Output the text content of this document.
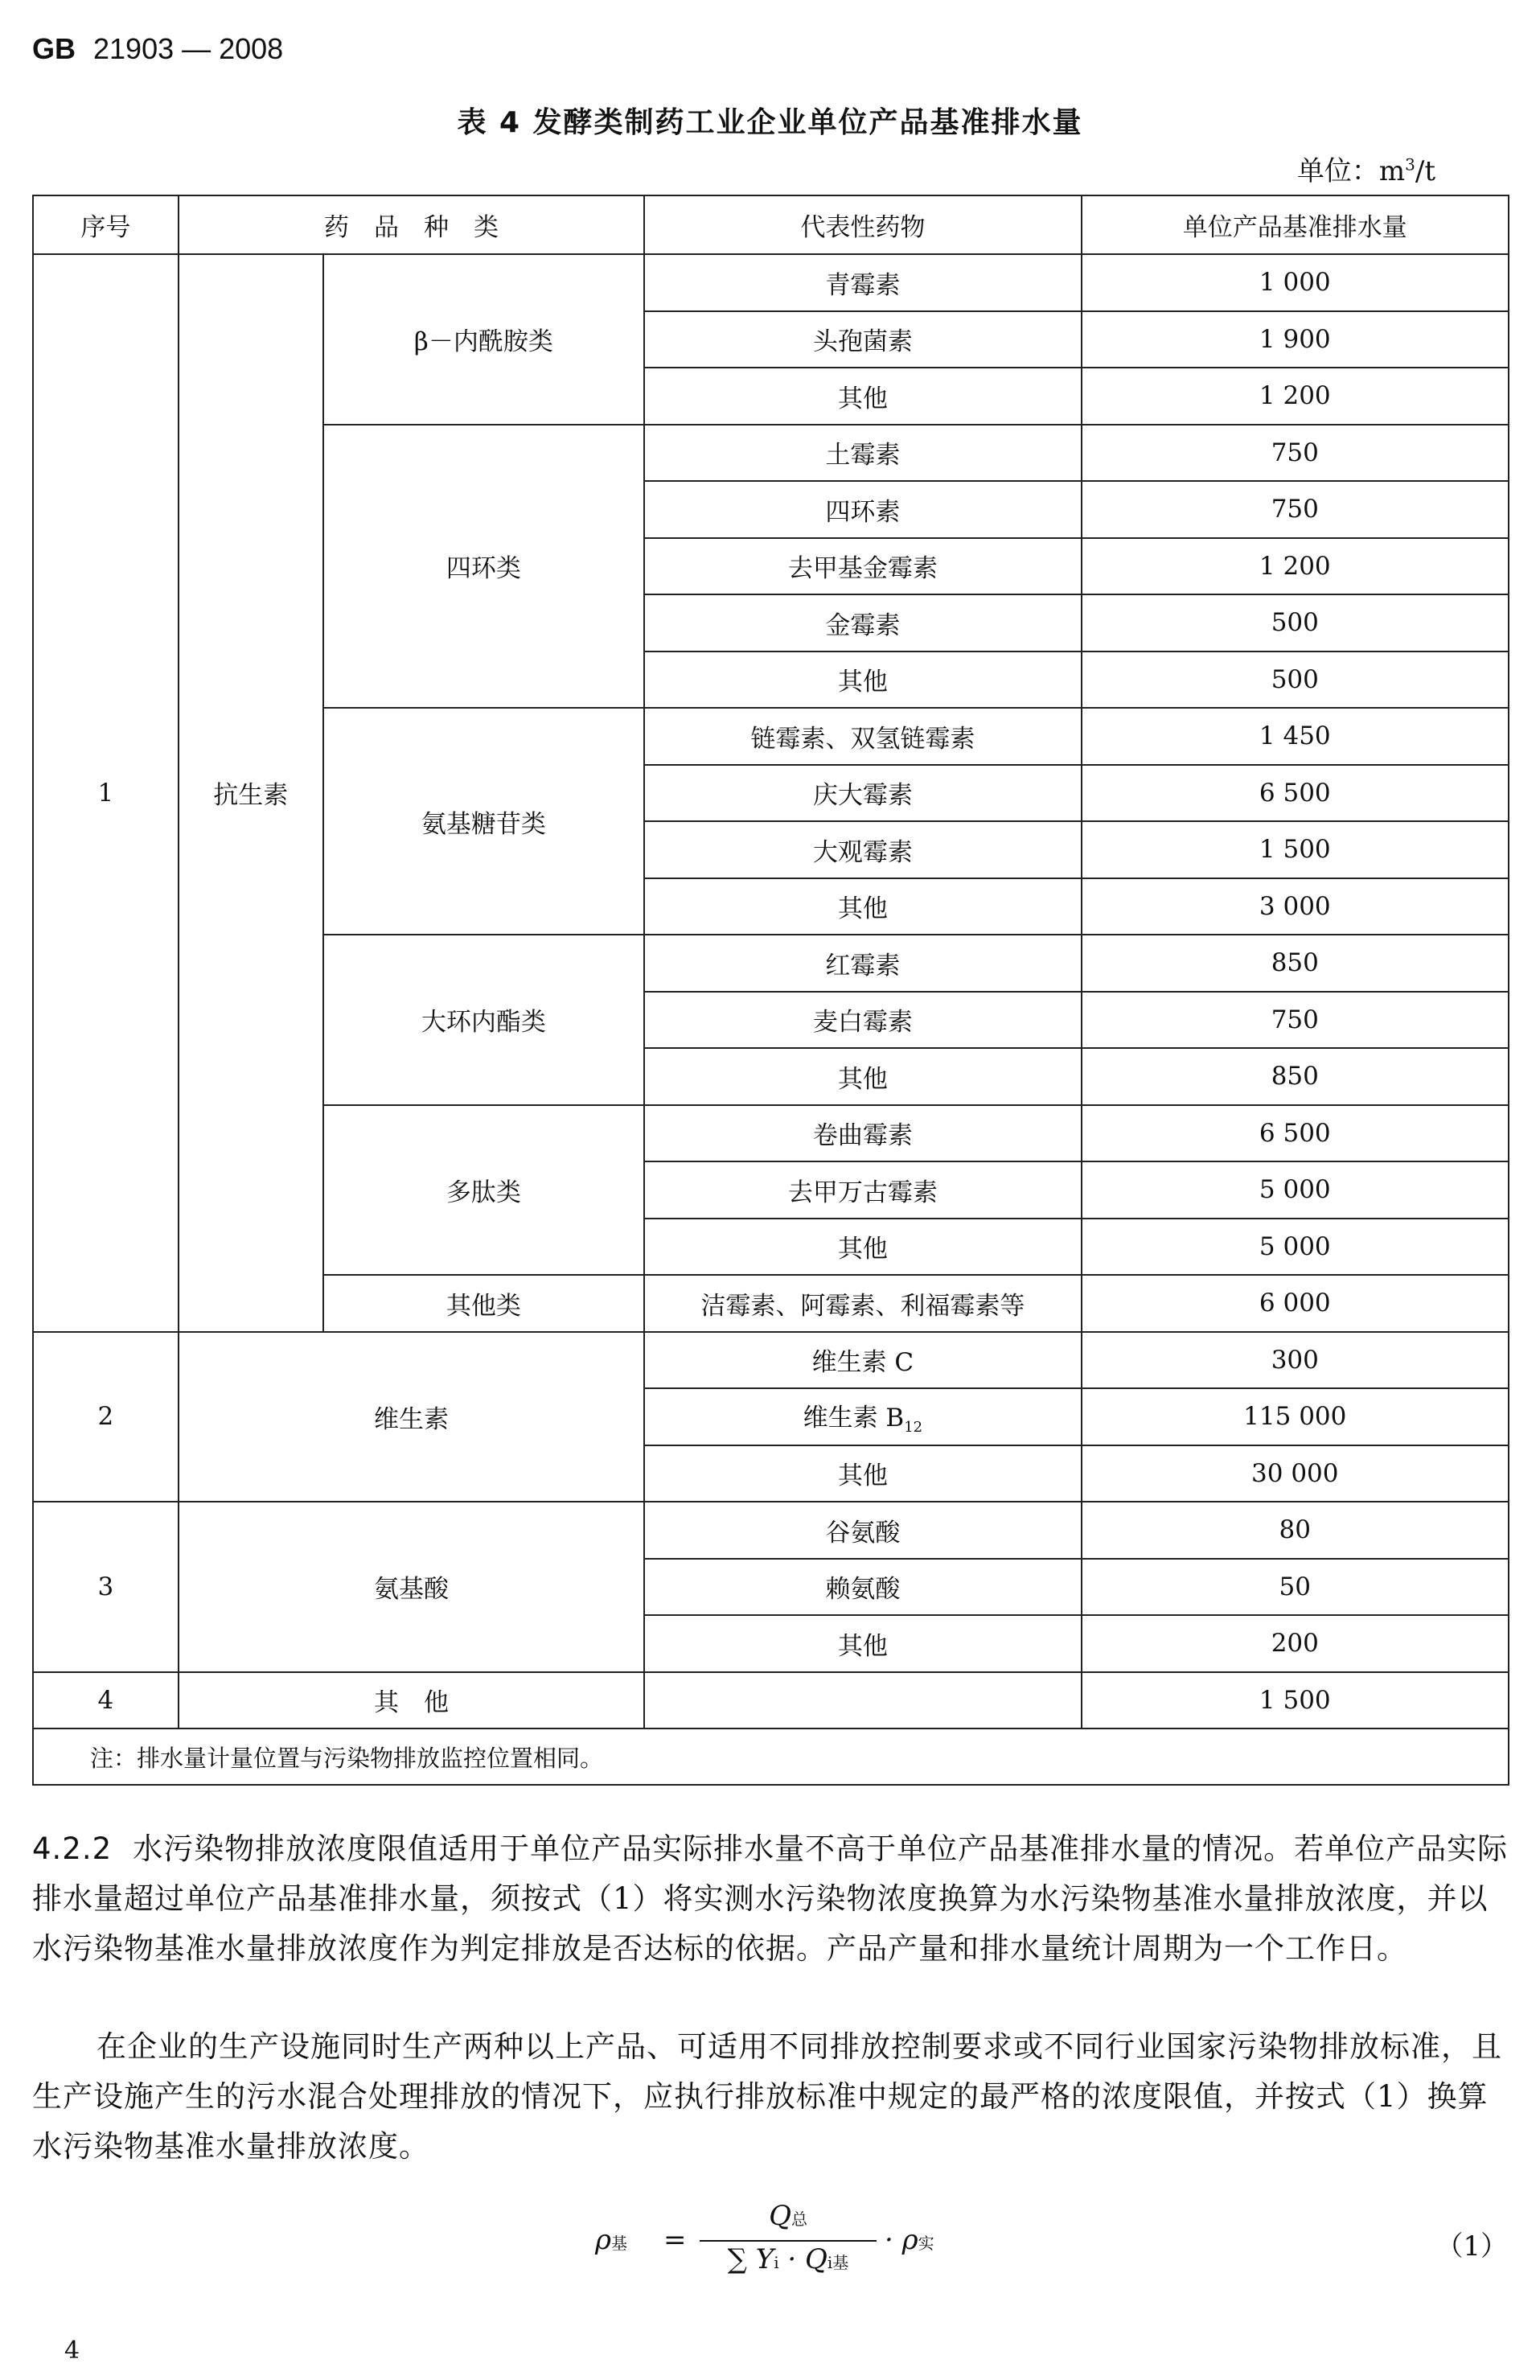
GB 21903 — 2008
表 4 发酵类制药工业企业单位产品基准排水量
单位：$m^3/t$
序号	药　品　种　类		代表性药物	单位产品基准排水量
1	抗生素	β－内酰胺类	青霉素	1 000
			头孢菌素	1 900
			其他	1 200
		四环类	土霉素	750
			四环素	750
			去甲基金霉素	1 200
			金霉素	500
			其他	500
		氨基糖苷类	链霉素、双氢链霉素	1 450
			庆大霉素	6 500
			大观霉素	1 500
			其他	3 000
		大环内酯类	红霉素	850
			麦白霉素	750
			其他	850
		多肽类	卷曲霉素	6 500
			去甲万古霉素	5 000
			其他	5 000
		其他类	洁霉素、阿霉素、利福霉素等	6 000
2	维生素		维生素 C	300
			维生素 $B_{12}$	115 000
			其他	30 000
3	氨基酸		谷氨酸	80
			赖氨酸	50
			其他	200
4	其　他			1 500
注：排水量计量位置与污染物排放监控位置相同。				
4.2.2 水污染物排放浓度限值适用于单位产品实际排水量不高于单位产品基准排水量的情况。若单位产品实际排水量超过单位产品基准排水量，须按式（1）将实测水污染物浓度换算为水污染物基准水量排放浓度，并以水污染物基准水量排放浓度作为判定排放是否达标的依据。产品产量和排水量统计周期为一个工作日。
在企业的生产设施同时生产两种以上产品、可适用不同排放控制要求或不同行业国家污染物排放标准，且生产设施产生的污水混合处理排放的情况下，应执行排放标准中规定的最严格的浓度限值，并按式（1）换算水污染物基准水量排放浓度。
ρ基 =
Q总
∑ Yi · Qi基
· ρ实	（1）
4
